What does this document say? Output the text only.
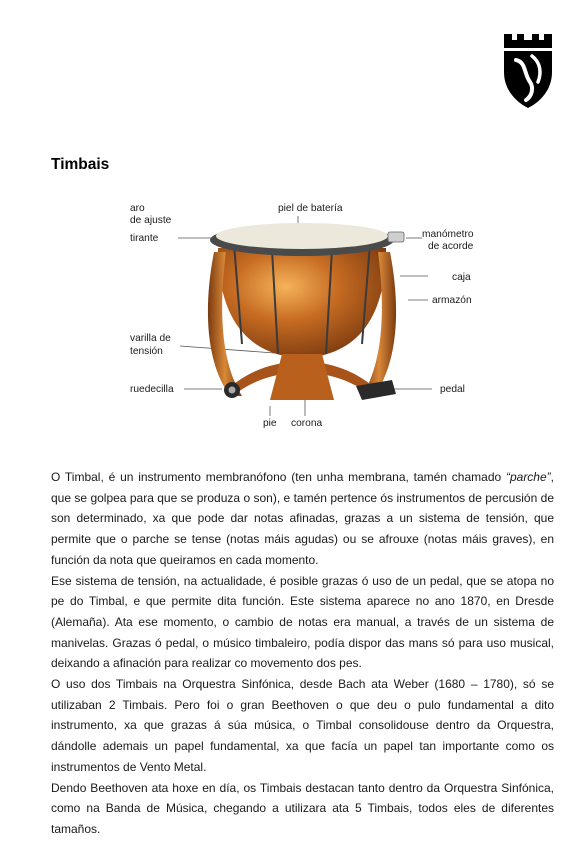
Timbais
aro
de ajuste
tirante
piel de batería
manómetro
de acorde
caja
armazón
varilla de
tensión
ruedecilla	pedal
pie corona

O Timbal, é un instrumento membranófono (ten unha membrana, tamén chamado “parche”, que se golpea para que se produza o son), e tamén pertence ós instrumentos de percusión de son determinado, xa que pode dar notas afinadas, grazas a un sistema de tensión, que permite que o parche se tense (notas máis agudas) ou se afrouxe (notas máis graves), en función da nota que queiramos en cada momento.

Ese sistema de tensión, na actualidade, é posible grazas ó uso de un pedal, que se atopa no pe do Timbal, e que permite dita función. Este sistema aparece no ano 1870, en Dresde (Alemaña). Ata ese momento, o cambio de notas era manual, a través de un sistema de manivelas. Grazas ó pedal, o músico timbaleiro, podía dispor das mans só para uso musical, deixando a afinación para realizar co movemento dos pes.

O uso dos Timbais na Orquestra Sinfónica, desde Bach ata Weber (1680 – 1780), só se utilizaban 2 Timbais. Pero foi o gran Beethoven o que deu o pulo fundamental a dito instrumento, xa que grazas á súa música, o Timbal consolidouse dentro da Orquestra, dándolle ademais un papel fundamental, xa que facía un papel tan importante como os instrumentos de Vento Metal.

Dendo Beethoven ata hoxe en día, os Timbais destacan tanto dentro da Orquestra Sinfónica, como na Banda de Música, chegando a utilizara ata 5 Timbais, todos eles de diferentes tamaños.
